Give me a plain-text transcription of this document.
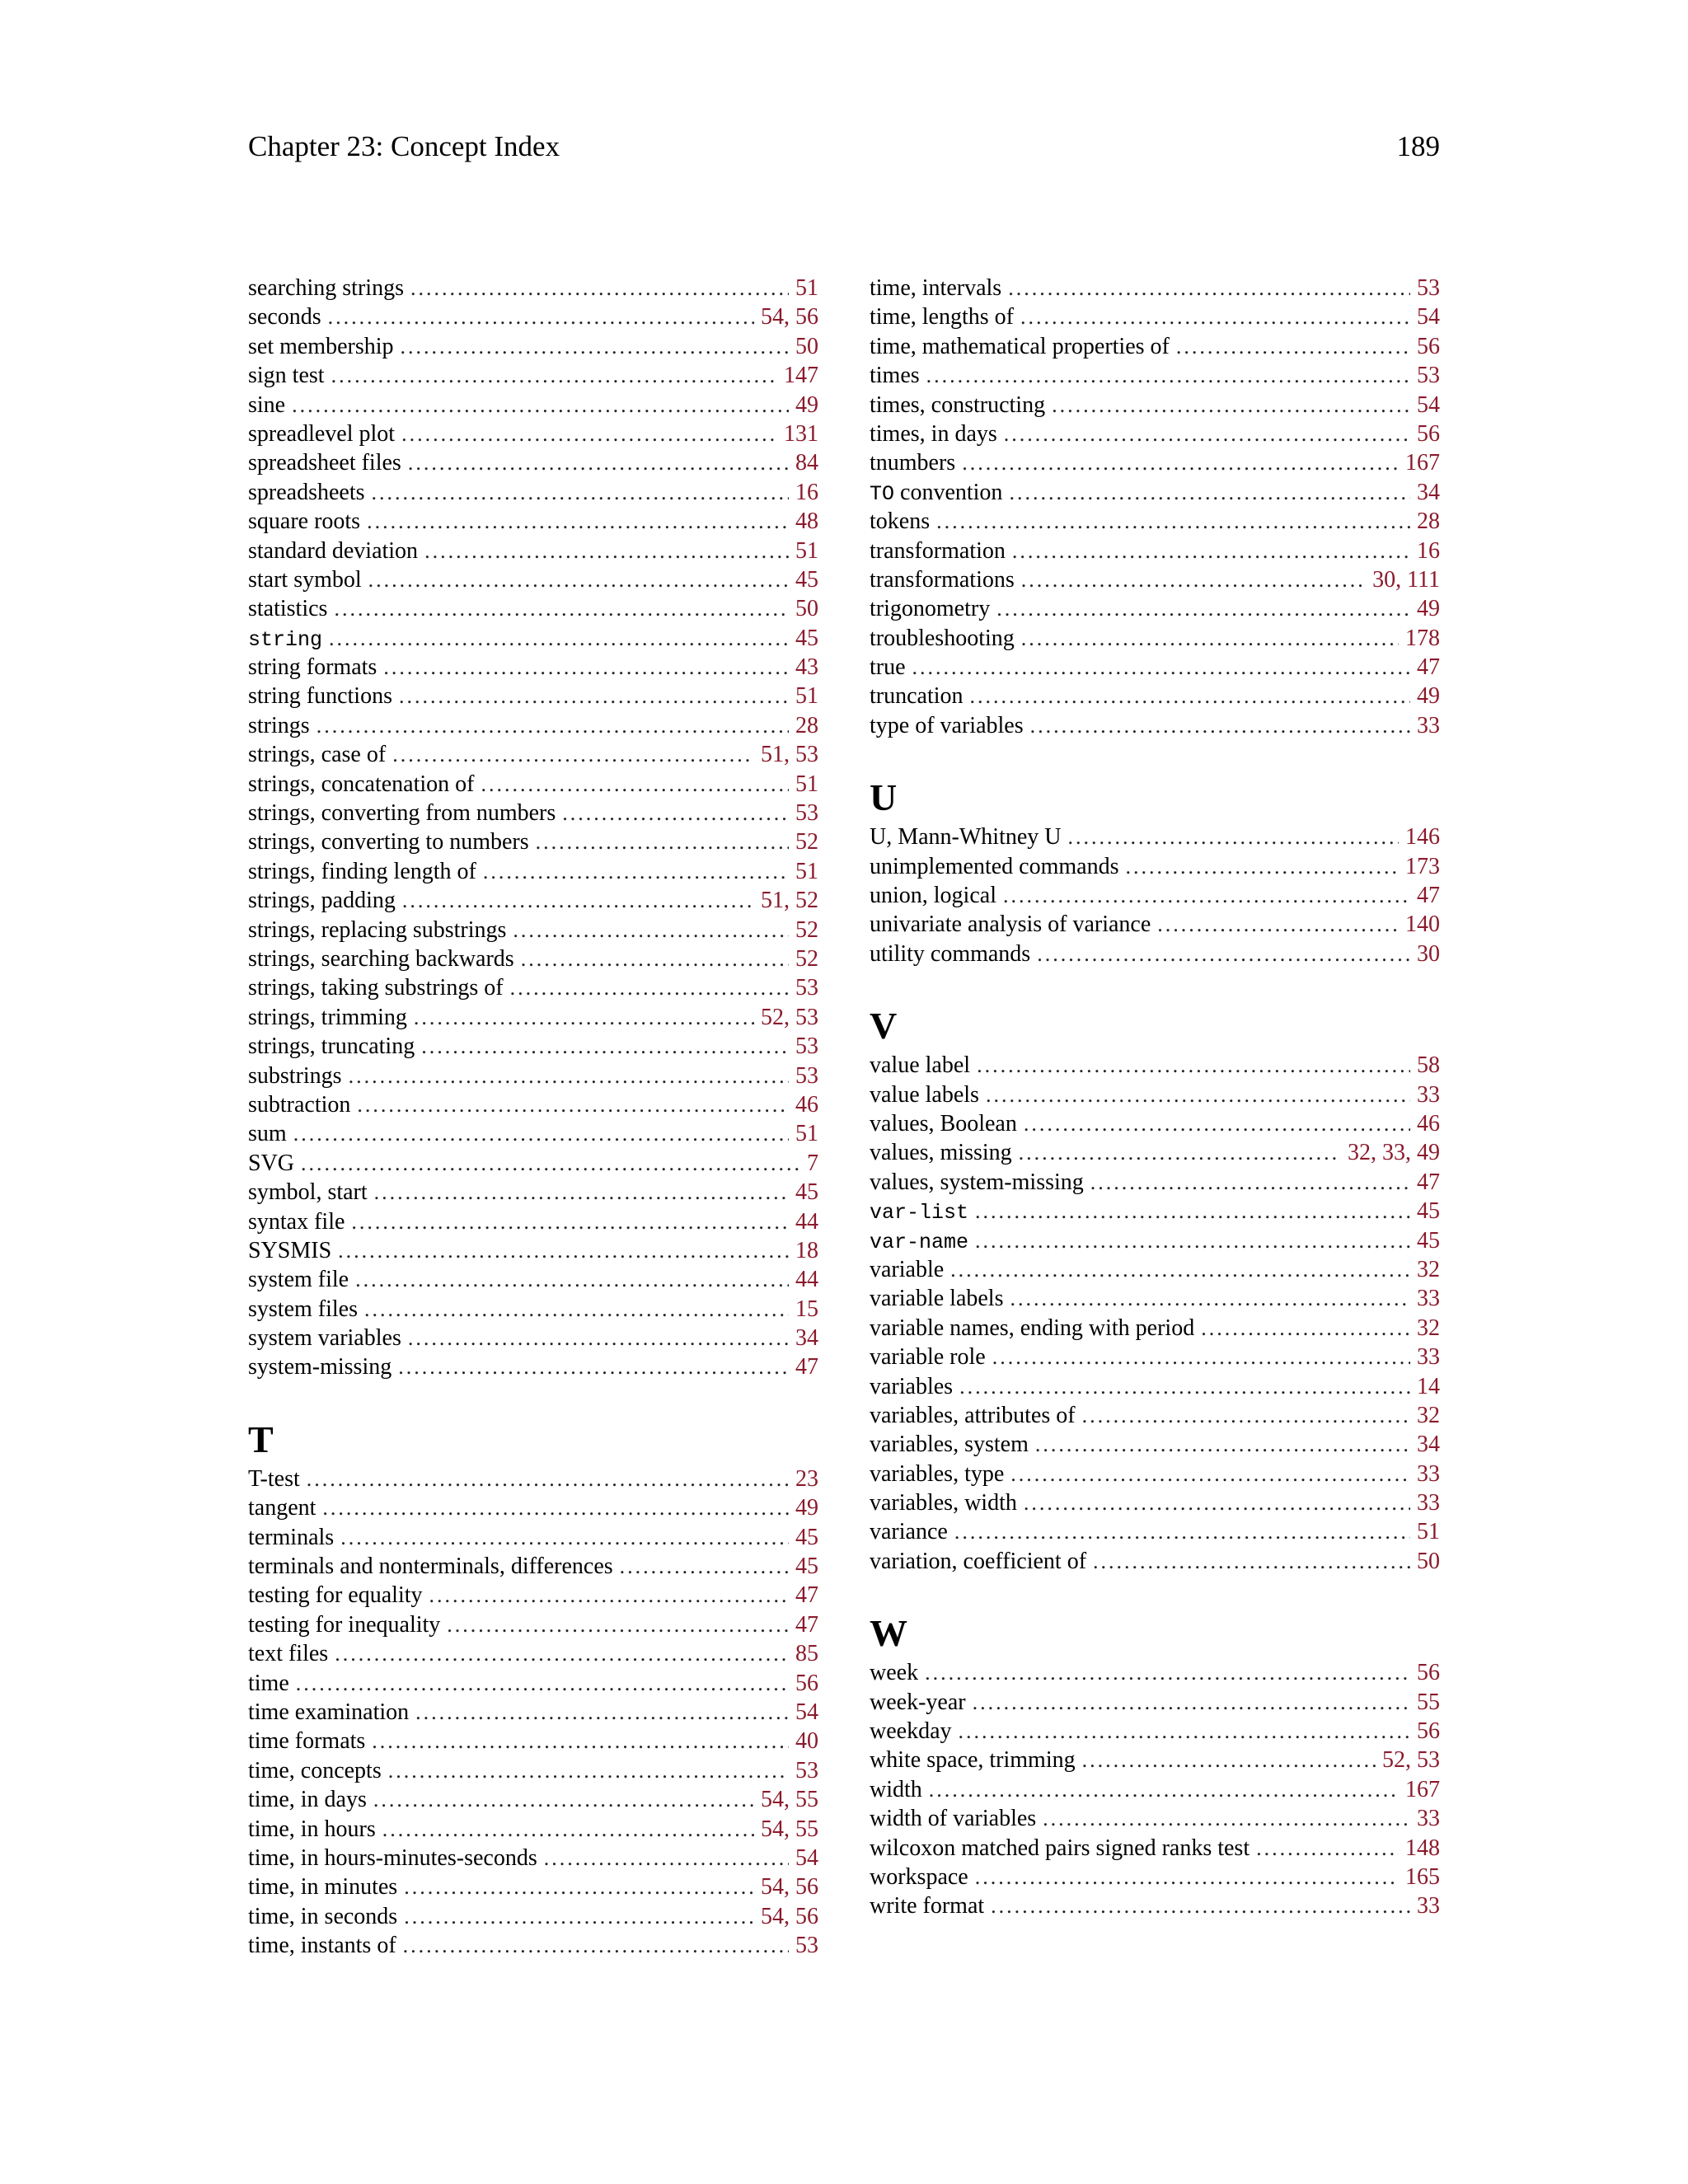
Chapter 23: Concept Index	189
searching strings .....	51
seconds .....	54, 56
set membership .....	50
sign test .....	147
sine .....	49
spreadlevel plot .....	131
spreadsheet files .....	84
spreadsheets .....	16
square roots .....	48
standard deviation .....	51
start symbol .....	45
statistics .....	50
string .....	45
string formats .....	43
string functions .....	51
strings .....	28
strings, case of .....	51, 53
strings, concatenation of .....	51
strings, converting from numbers .....	53
strings, converting to numbers .....	52
strings, finding length of .....	51
strings, padding .....	51, 52
strings, replacing substrings .....	52
strings, searching backwards .....	52
strings, taking substrings of .....	53
strings, trimming .....	52, 53
strings, truncating .....	53
substrings .....	53
subtraction .....	46
sum .....	51
SVG .....	7
symbol, start .....	45
syntax file .....	44
SYSMIS .....	18
system file .....	44
system files .....	15
system variables .....	34
system-missing .....	47
T
T-test .....	23
tangent .....	49
terminals .....	45
terminals and nonterminals, differences .....	45
testing for equality .....	47
testing for inequality .....	47
text files .....	85
time .....	56
time examination .....	54
time formats .....	40
time, concepts .....	53
time, in days .....	54, 55
time, in hours .....	54, 55
time, in hours-minutes-seconds .....	54
time, in minutes .....	54, 56
time, in seconds .....	54, 56
time, instants of .....	53
time, intervals .....	53
time, lengths of .....	54
time, mathematical properties of .....	56
times .....	53
times, constructing .....	54
times, in days .....	56
tnumbers .....	167
TO convention .....	34
tokens .....	28
transformation .....	16
transformations .....	30, 111
trigonometry .....	49
troubleshooting .....	178
true .....	47
truncation .....	49
type of variables .....	33
U
U, Mann-Whitney U .....	146
unimplemented commands .....	173
union, logical .....	47
univariate analysis of variance .....	140
utility commands .....	30
V
value label .....	58
value labels .....	33
values, Boolean .....	46
values, missing .....	32, 33, 49
values, system-missing .....	47
var-list .....	45
var-name .....	45
variable .....	32
variable labels .....	33
variable names, ending with period .....	32
variable role .....	33
variables .....	14
variables, attributes of .....	32
variables, system .....	34
variables, type .....	33
variables, width .....	33
variance .....	51
variation, coefficient of .....	50
W
week .....	56
week-year .....	55
weekday .....	56
white space, trimming .....	52, 53
width .....	167
width of variables .....	33
wilcoxon matched pairs signed ranks test .....	148
workspace .....	165
write format .....	33
